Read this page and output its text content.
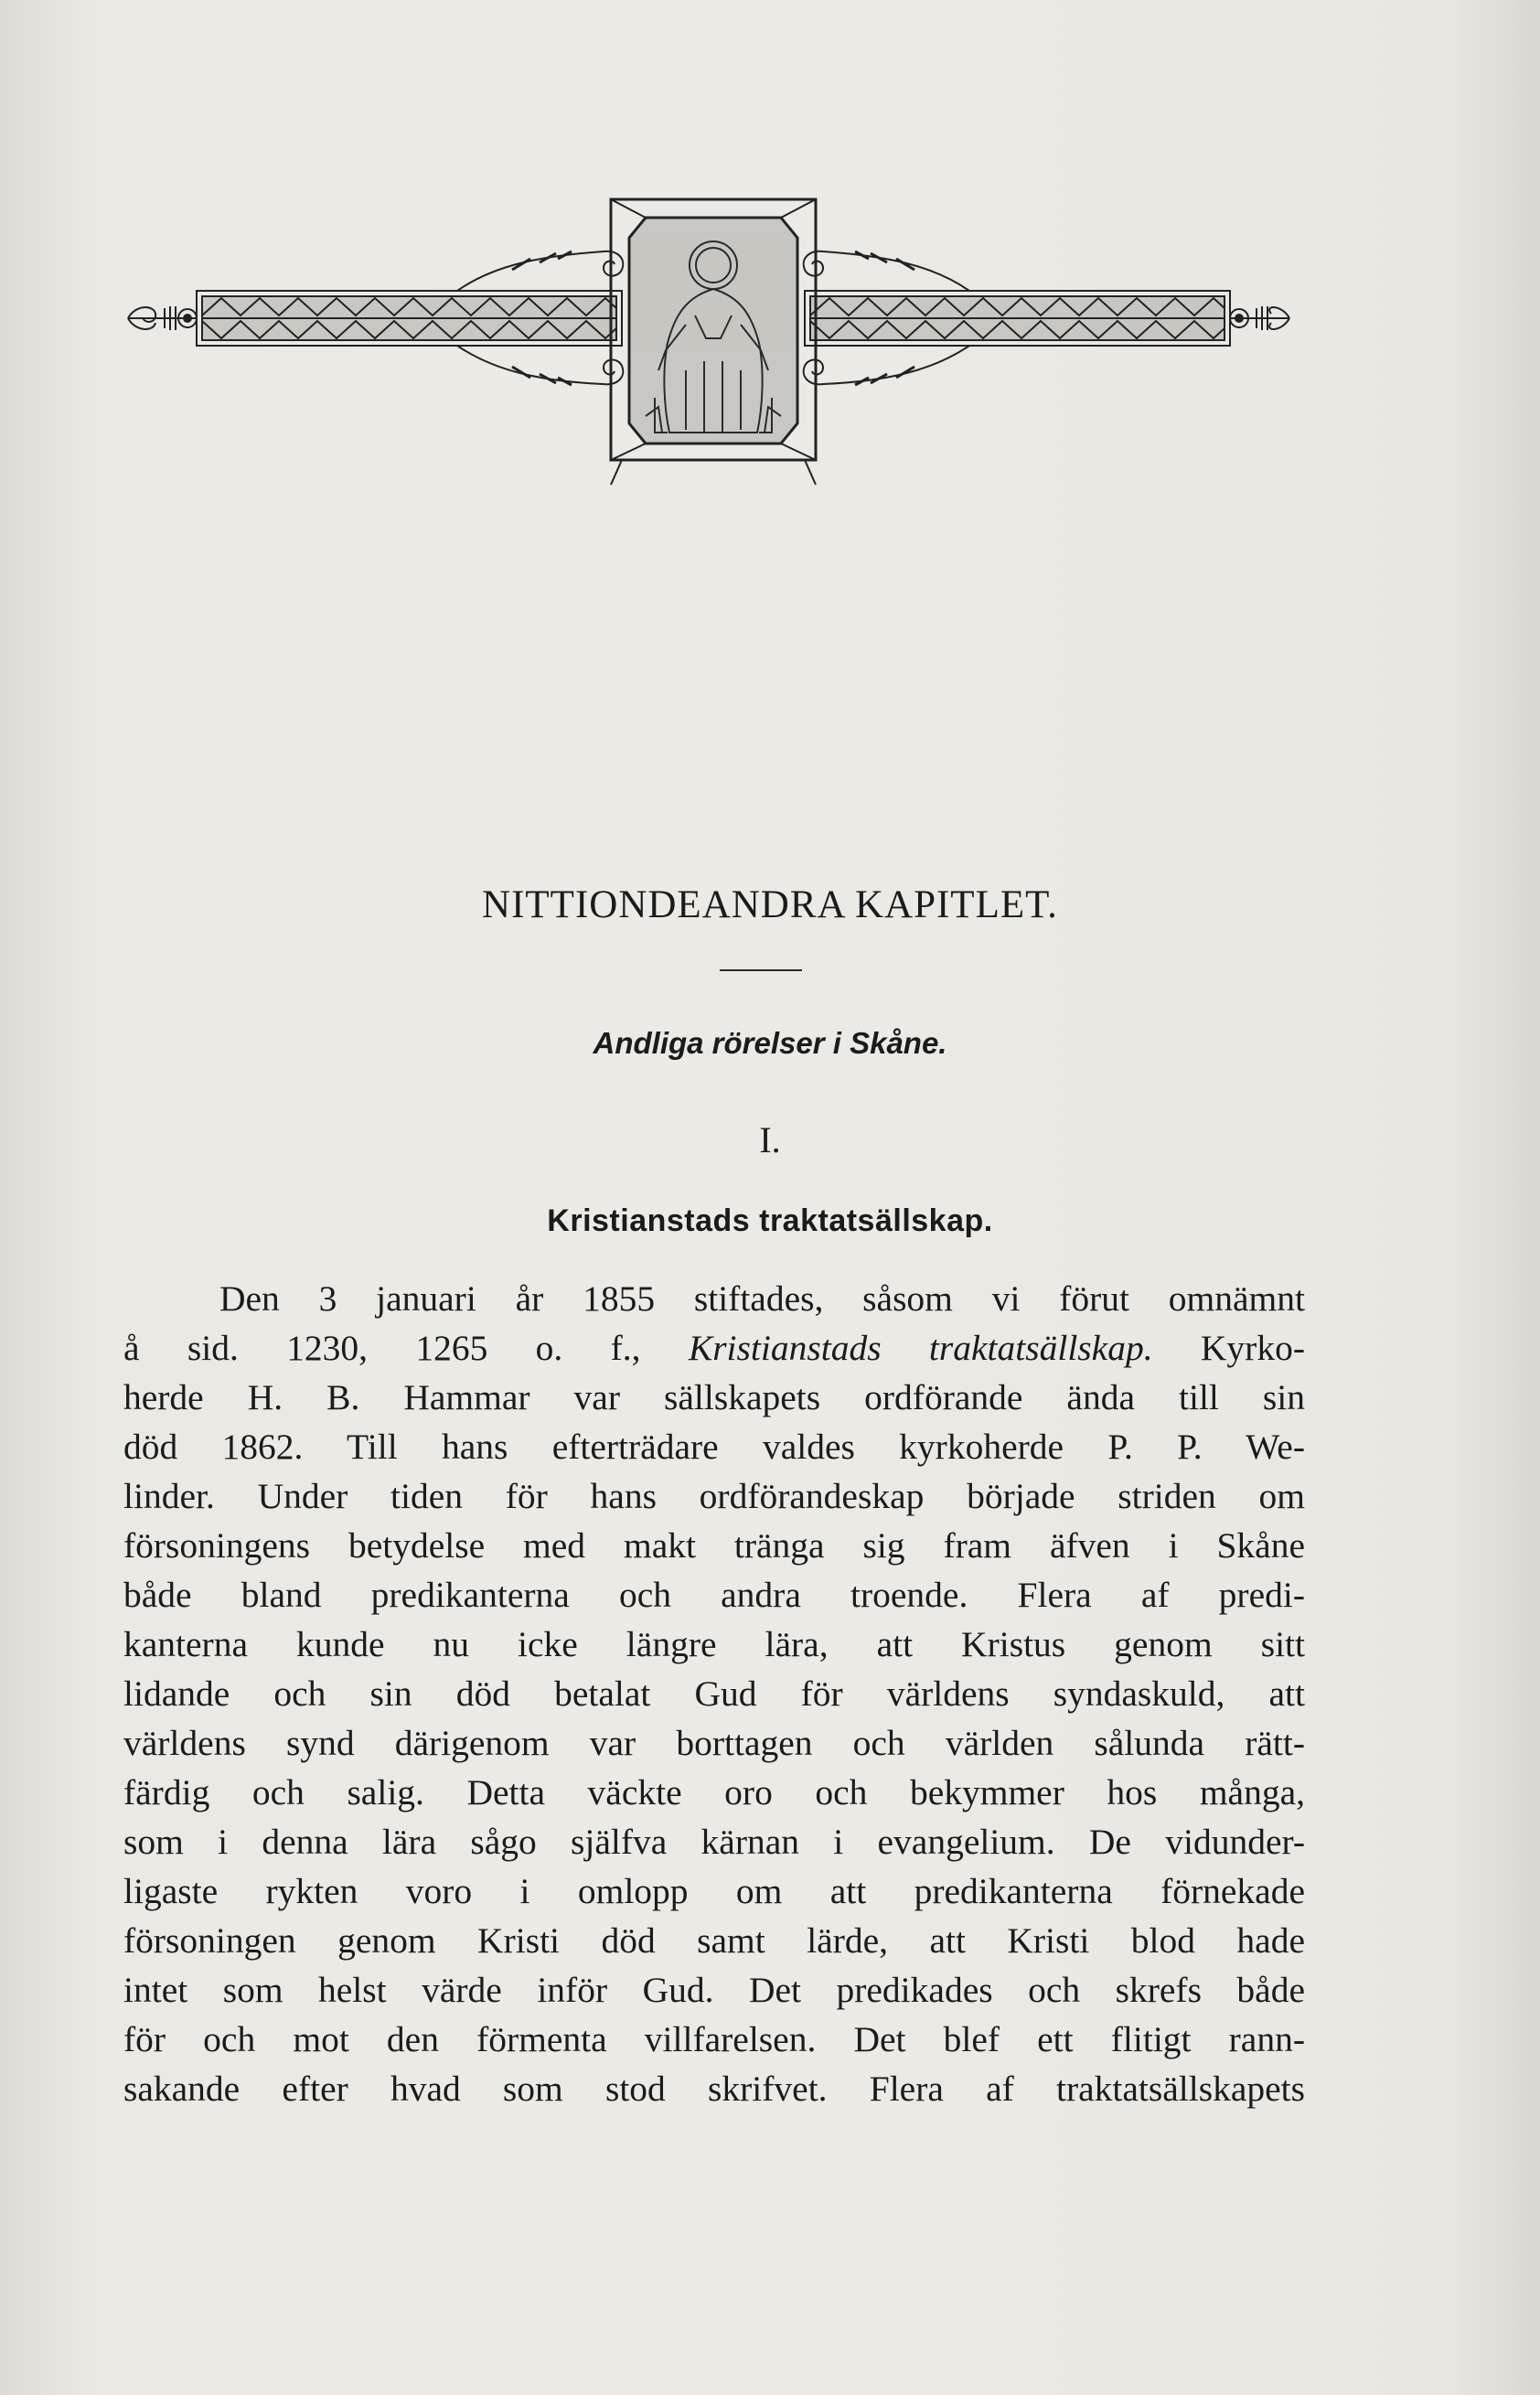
NITTIONDEANDRA KAPITLET.
Andliga rörelser i Skåne.
I.
Kristianstads traktatsällskap.
Den 3 januari år 1855 stiftades, såsom vi förut omnämnt
å sid. 1230, 1265 o. f., Kristianstads traktatsällskap. Kyrko-
herde H. B. Hammar var sällskapets ordförande ända till sin
död 1862. Till hans efterträdare valdes kyrkoherde P. P. We-
linder. Under tiden för hans ordförandeskap började striden om
försoningens betydelse med makt tränga sig fram äfven i Skåne
både bland predikanterna och andra troende. Flera af predi-
kanterna kunde nu icke längre lära, att Kristus genom sitt
lidande och sin död betalat Gud för världens syndaskuld, att
världens synd därigenom var borttagen och världen sålunda rätt-
färdig och salig. Detta väckte oro och bekymmer hos många,
som i denna lära sågo själfva kärnan i evangelium. De vidunder-
ligaste rykten voro i omlopp om att predikanterna förnekade
försoningen genom Kristi död samt lärde, att Kristi blod hade
intet som helst värde inför Gud. Det predikades och skrefs både
för och mot den förmenta villfarelsen. Det blef ett flitigt rann-
sakande efter hvad som stod skrifvet. Flera af traktatsällskapets
